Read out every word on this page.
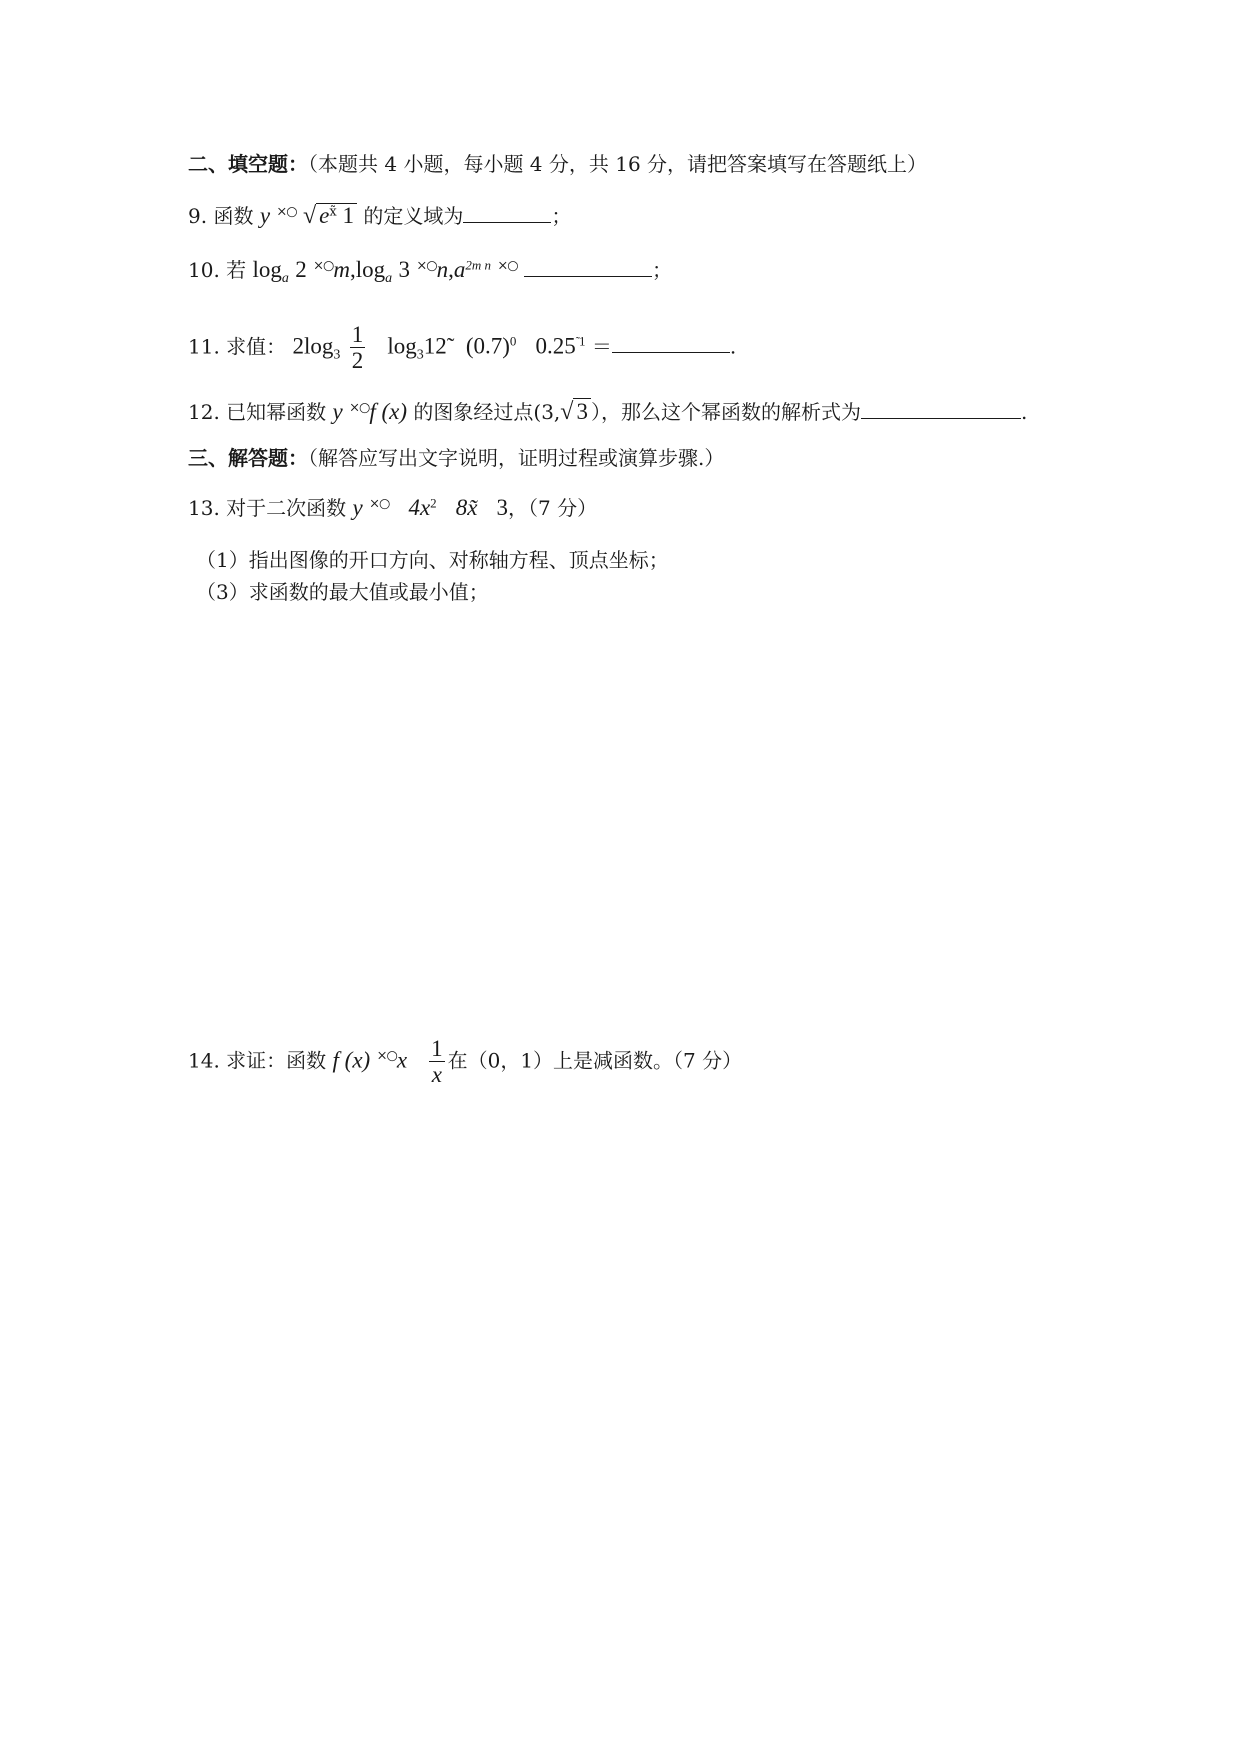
二、填空题：（本题共 4 小题，每小题 4 分，共 16 分，请把答案填写在答题纸上）
9. 函数 y ×○ √ $e^{x̃}$ 1 的定义域为	；
10. 若 $\log_a 2$ $^{\times○}m,\log_a$ 3 $^{\times○}n,a^{2m n}$ ×○	；
11. 求值： $2\log_3 \frac{1}{2}$ $\log_312̃$ $(0.7)^0$ $0.25^{̃ 1}$ ＝	.
12. 已知幂函数 y ×○f (x) 的图象经过点(3,√ 3 ），那么这个幂函数的解析式为	.
三、解答题：（解答应写出文字说明，证明过程或演算步骤.）
13. 对于二次函数 y ×○ $4x^2$ 8x̃ 3，（7 分）
（1）指出图像的开口方向、对称轴方程、顶点坐标；
（3）求函数的最大值或最小值；
14. 求证：函数 f (x) $^{\times○}x \frac{1}{x}$ 在（0，1）上是减函数。（7 分）
